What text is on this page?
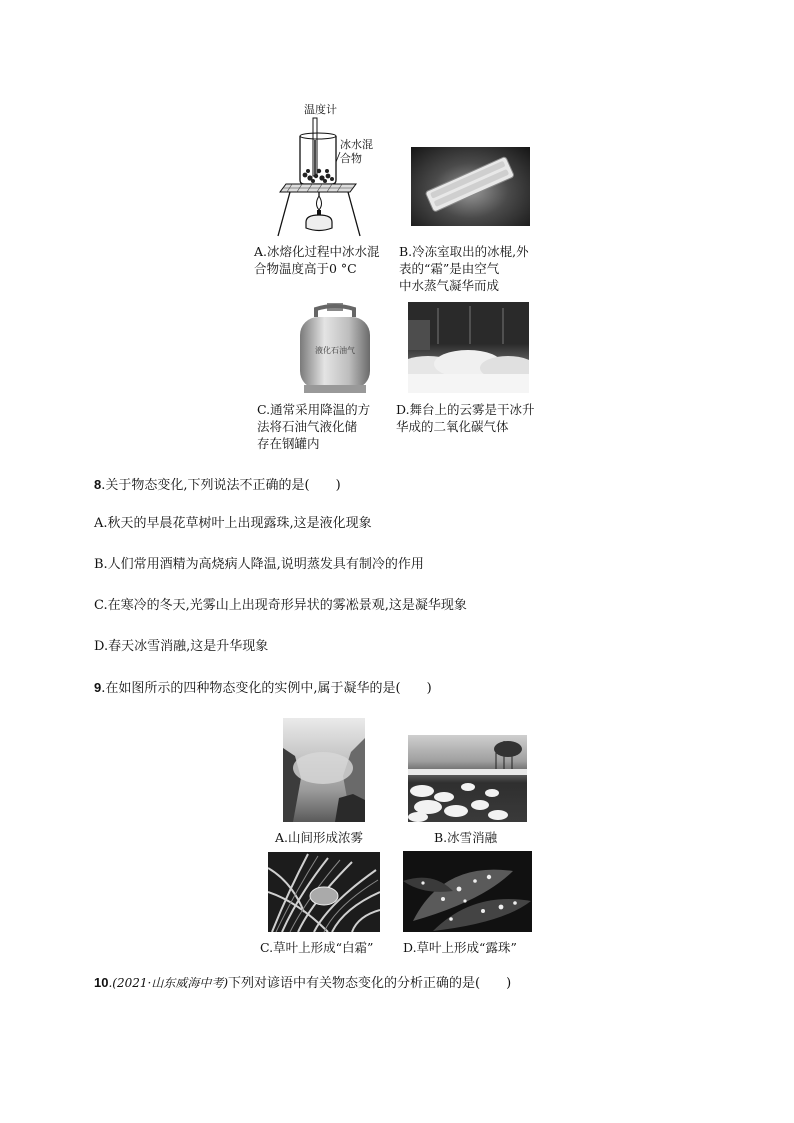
温度计
冰水混
合物
A.冰熔化过程中冰水混
合物温度高于0 °C
B.冷冻室取出的冰棍,外
表的“霜”是由空气
中水蒸气凝华而成
液化石油气
C.通常采用降温的方
法将石油气液化储
存在钢罐内
D.舞台上的云雾是干冰升
华成的二氧化碳气体
8.关于物态变化,下列说法不正确的是(　　)
A.秋天的早晨花草树叶上出现露珠,这是液化现象
B.人们常用酒精为高烧病人降温,说明蒸发具有制冷的作用
C.在寒冷的冬天,光雾山上出现奇形异状的雾凇景观,这是凝华现象
D.春天冰雪消融,这是升华现象
9.在如图所示的四种物态变化的实例中,属于凝华的是(　　)
A.山间形成浓雾	B.冰雪消融
C.草叶上形成“白霜”	D.草叶上形成“露珠”
10.(2021·山东威海中考)下列对谚语中有关物态变化的分析正确的是(　　)
